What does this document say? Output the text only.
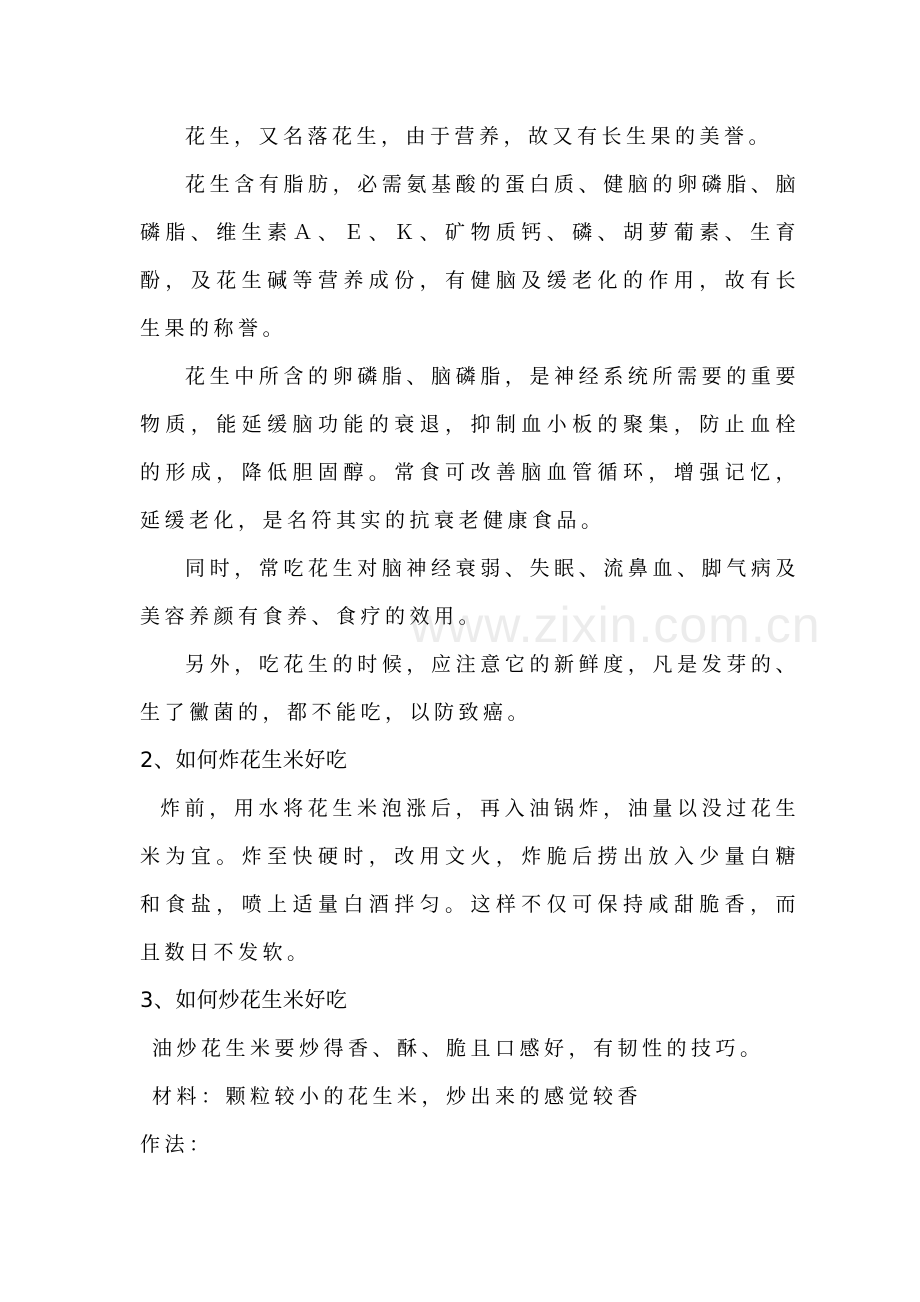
花生，又名落花生，由于营养，故又有长生果的美誉。

花生含有脂肪，必需氨基酸的蛋白质、健脑的卵磷脂、脑磷脂、维生素Ａ、Ｅ、Ｋ、矿物质钙、磷、胡萝葡素、生育酚，及花生碱等营养成份，有健脑及缓老化的作用，故有长生果的称誉。

花生中所含的卵磷脂、脑磷脂，是神经系统所需要的重要物质，能延缓脑功能的衰退，抑制血小板的聚集，防止血栓的形成，降低胆固醇。常食可改善脑血管循环，增强记忆，延缓老化，是名符其实的抗衰老健康食品。

同时，常吃花生对脑神经衰弱、失眠、流鼻血、脚气病及美容养颜有食养、食疗的效用。

另外，吃花生的时候，应注意它的新鲜度，凡是发芽的、生了黴菌的，都不能吃，以防致癌。

2、如何炸花生米好吃

炸前，用水将花生米泡涨后，再入油锅炸，油量以没过花生米为宜。炸至快硬时，改用文火，炸脆后捞出放入少量白糖和食盐，喷上适量白酒拌匀。这样不仅可保持咸甜脆香，而且数日不发软。

3、如何炒花生米好吃

油炒花生米要炒得香、酥、脆且口感好，有韧性的技巧。

材料：颗粒较小的花生米，炒出来的感觉较香

作法：

www.zixin.com.cn
